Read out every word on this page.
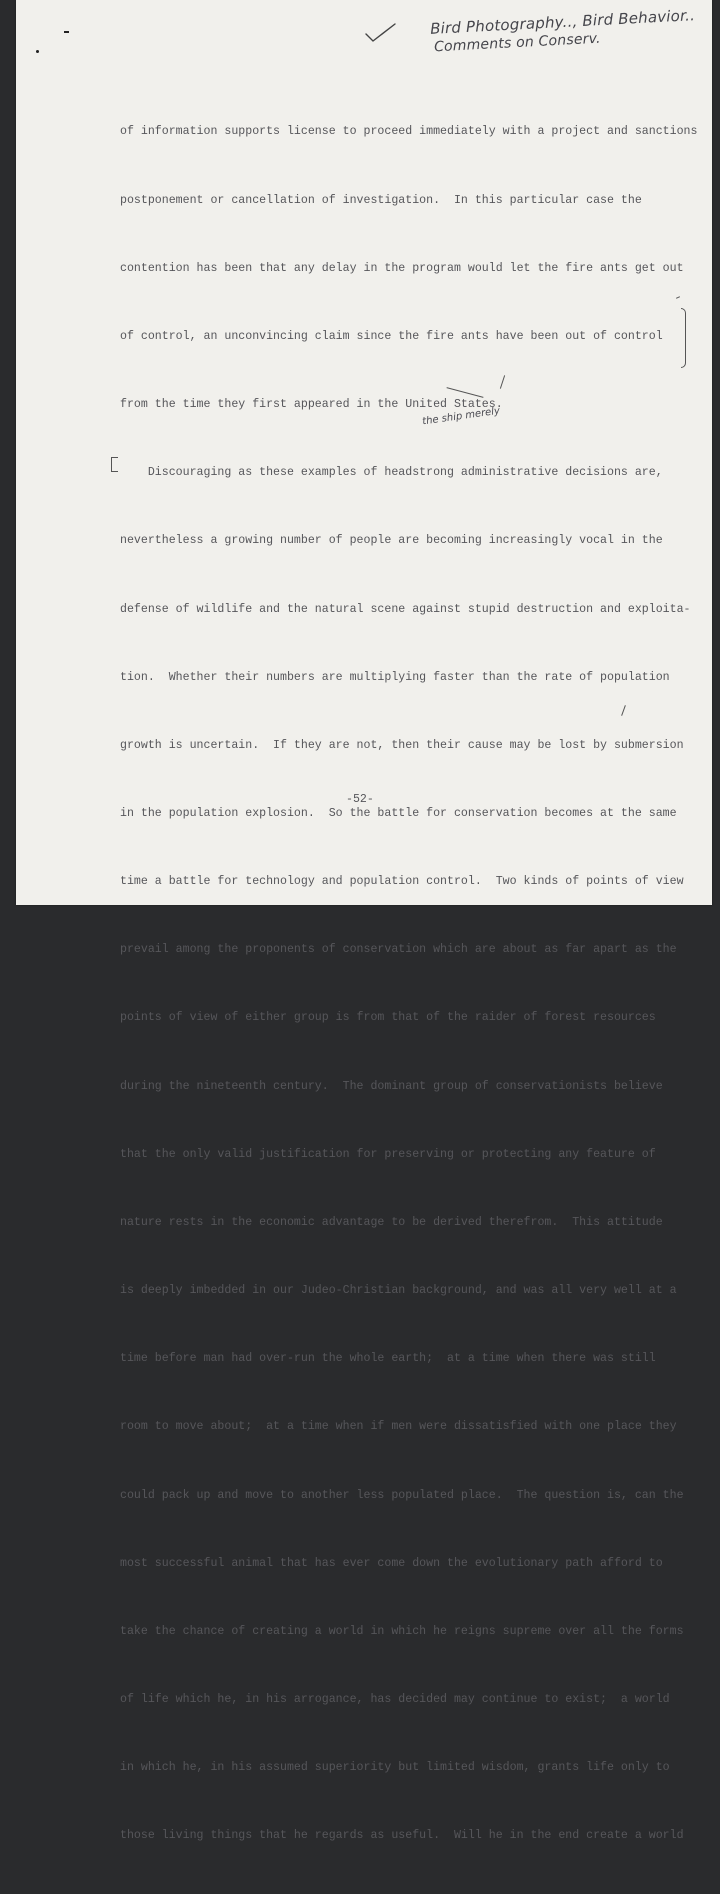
Bird Photography.., Bird Behavior..
Comments on Conserv.

of information supports license to proceed immediately with a project and sanctions

postponement or cancellation of investigation.  In this particular case the

contention has been that any delay in the program would let the fire ants get out

of control, an unconvincing claim since the fire ants have been out of control

from the time they first appeared in the United States.

Discouraging as these examples of headstrong administrative decisions are,

nevertheless a growing number of people are becoming increasingly vocal in the

defense of wildlife and the natural scene against stupid destruction and exploita-

tion.  Whether their numbers are multiplying faster than the rate of population

growth is uncertain.  If they are not, then their cause may be lost by submersion

in the population explosion.  So the battle for conservation becomes at the same

time a battle for technology and population control.  Two kinds of points of view

prevail among the proponents of conservation which are about as far apart as the

points of view of either group is from that of the raider of forest resources

during the nineteenth century.  The dominant group of conservationists believe

that the only valid justification for preserving or protecting any feature of

nature rests in the economic advantage to be derived therefrom.  This attitude

is deeply imbedded in our Judeo-Christian background, and was all very well at a

time before man had over-run the whole earth;  at a time when there was still

room to move about;  at a time when if men were dissatisfied with one place they

could pack up and move to another less populated place.  The question is, can the

most successful animal that has ever come down the evolutionary path afford to

take the chance of creating a world in which he reigns supreme over all the forms

of life which he, in his arrogance, has decided may continue to exist;  a world

in which he, in his assumed superiority but limited wisdom, grants life only to

those living things that he regards as useful.  Will he in the end create a world

the ship merely
-52-
